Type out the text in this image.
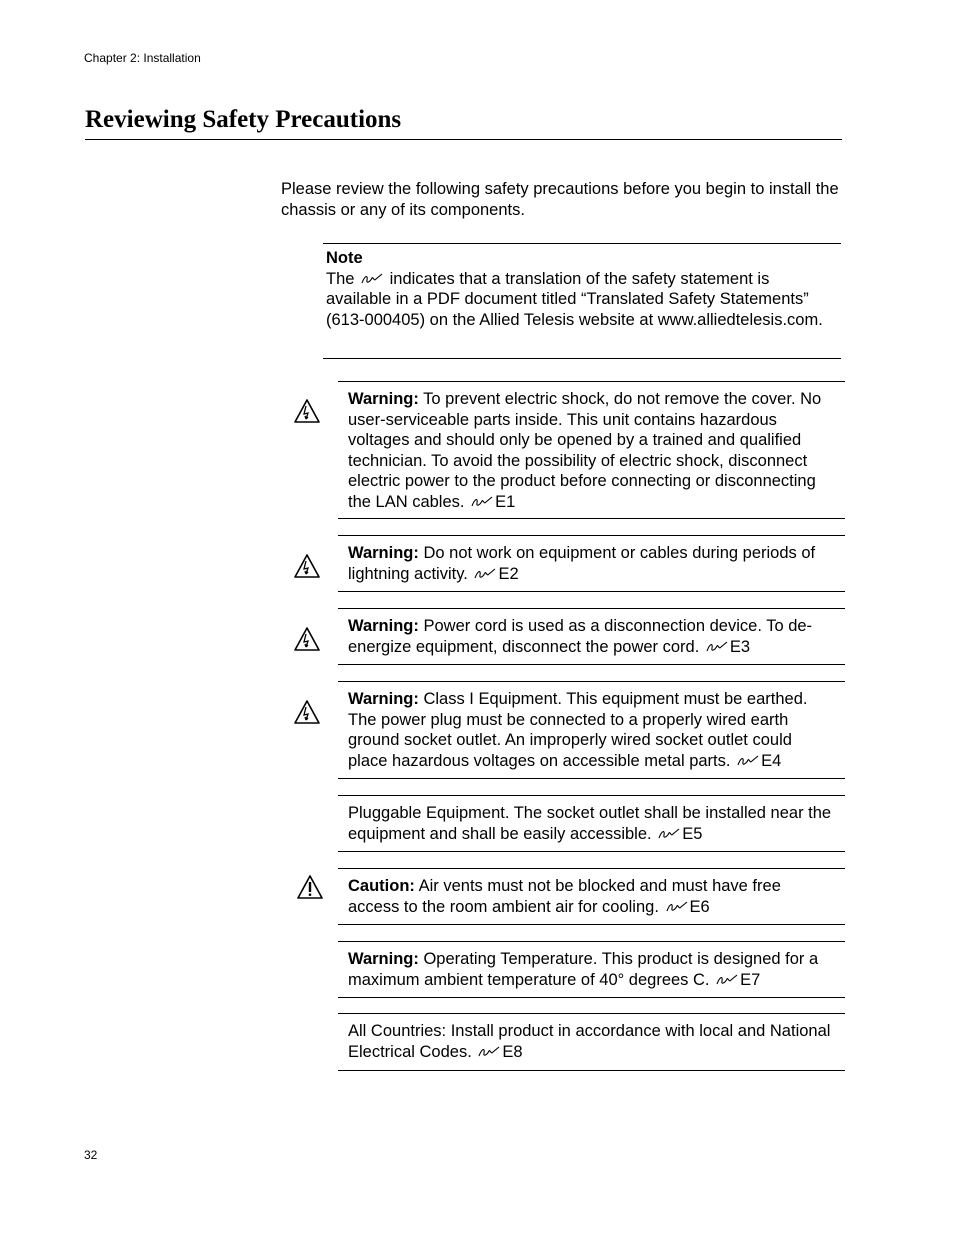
Chapter 2: Installation
Reviewing Safety Precautions

Please review the following safety precautions before you begin to install the chassis or any of its components.

Note
The indicates that a translation of the safety statement is available in a PDF document titled “Translated Safety Statements” (613-000405) on the Allied Telesis website at www.alliedtelesis.com.
Warning: To prevent electric shock, do not remove the cover. No user-serviceable parts inside. This unit contains hazardous voltages and should only be opened by a trained and qualified technician. To avoid the possibility of electric shock, disconnect electric power to the product before connecting or disconnecting the LAN cables. E1
Warning: Do not work on equipment or cables during periods of lightning activity. E2
Warning: Power cord is used as a disconnection device. To de-energize equipment, disconnect the power cord. E3
Warning: Class I Equipment. This equipment must be earthed. The power plug must be connected to a properly wired earth ground socket outlet. An improperly wired socket outlet could place hazardous voltages on accessible metal parts. E4
Pluggable Equipment. The socket outlet shall be installed near the equipment and shall be easily accessible. E5
Caution: Air vents must not be blocked and must have free access to the room ambient air for cooling. E6
Warning: Operating Temperature. This product is designed for a maximum ambient temperature of 40° degrees C. E7
All Countries: Install product in accordance with local and National Electrical Codes. E8
32
